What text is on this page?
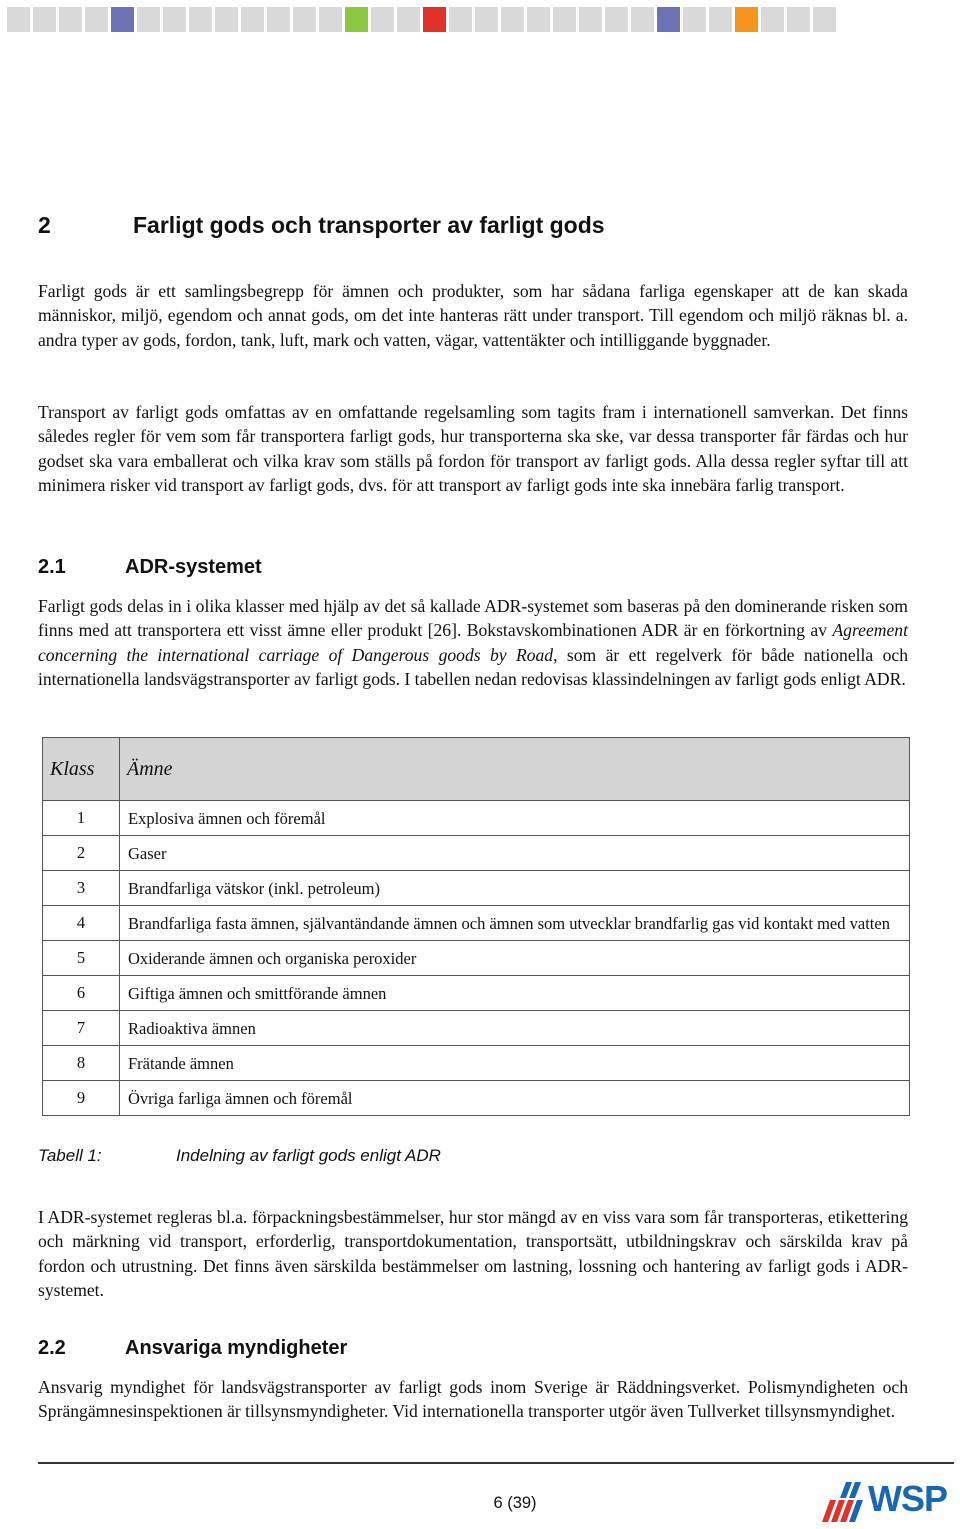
2	Farligt gods och transporter av farligt gods

Farligt gods är ett samlingsbegrepp för ämnen och produkter, som har sådana farliga egenskaper att de kan skada människor, miljö, egendom och annat gods, om det inte hanteras rätt under transport. Till egendom och miljö räknas bl. a. andra typer av gods, fordon, tank, luft, mark och vatten, vägar, vattentäkter och intilliggande byggnader.

Transport av farligt gods omfattas av en omfattande regelsamling som tagits fram i internationell samverkan. Det finns således regler för vem som får transportera farligt gods, hur transporterna ska ske, var dessa transporter får färdas och hur godset ska vara emballerat och vilka krav som ställs på fordon för transport av farligt gods. Alla dessa regler syftar till att minimera risker vid transport av farligt gods, dvs. för att transport av farligt gods inte ska innebära farlig transport.

2.1	ADR-systemet

Farligt gods delas in i olika klasser med hjälp av det så kallade ADR-systemet som baseras på den dominerande risken som finns med att transportera ett visst ämne eller produkt [26]. Bokstavskombinationen ADR är en förkortning av Agreement concerning the international carriage of Dangerous goods by Road, som är ett regelverk för både nationella och internationella landsvägstransporter av farligt gods. I tabellen nedan redovisas klassindelningen av farligt gods enligt ADR.

Klass	Ämne
1	Explosiva ämnen och föremål
2	Gaser
3	Brandfarliga vätskor (inkl. petroleum)
4	Brandfarliga fasta ämnen, självantändande ämnen och ämnen som utvecklar brandfarlig gas vid kontakt med vatten
5	Oxiderande ämnen och organiska peroxider
6	Giftiga ämnen och smittförande ämnen
7	Radioaktiva ämnen
8	Frätande ämnen
9	Övriga farliga ämnen och föremål
Tabell 1:	Indelning av farligt gods enligt ADR

I ADR-systemet regleras bl.a. förpackningsbestämmelser, hur stor mängd av en viss vara som får transporteras, etikettering och märkning vid transport, erforderlig, transportdokumentation, transportsätt, utbildningskrav och särskilda krav på fordon och utrustning. Det finns även särskilda bestämmelser om lastning, lossning och hantering av farligt gods i ADR-systemet.

2.2	Ansvariga myndigheter

Ansvarig myndighet för landsvägstransporter av farligt gods inom Sverige är Räddningsverket. Polismyndigheten och Sprängämnesinspektionen är tillsynsmyndigheter. Vid internationella transporter utgör även Tullverket tillsynsmyndighet.

6 (39)	WSP
